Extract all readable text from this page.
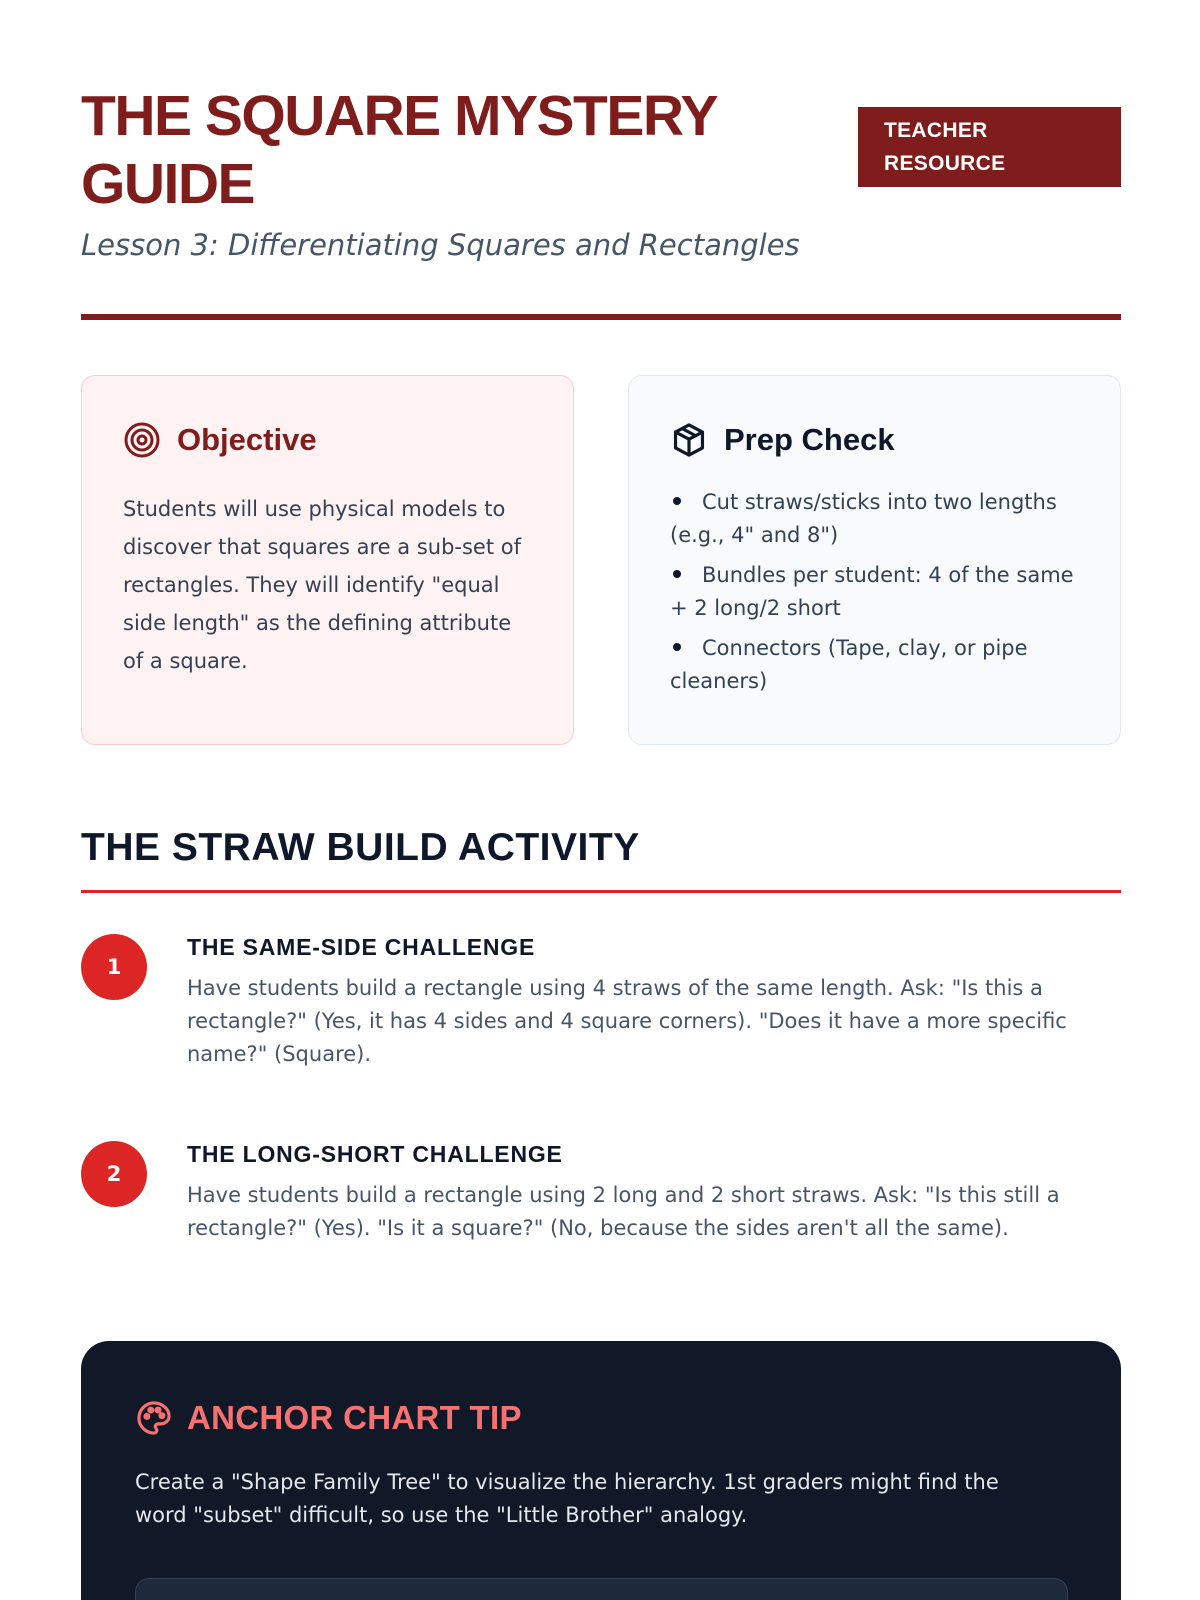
THE SQUARE MYSTERY GUIDE
TEACHER RESOURCE
Lesson 3: Differentiating Squares and Rectangles
Objective

Students will use physical models to discover that squares are a sub-set of rectangles. They will identify "equal side length" as the defining attribute of a square.

Prep Check
Cut straws/sticks into two lengths (e.g., 4" and 8")
Bundles per student: 4 of the same + 2 long/2 short
Connectors (Tape, clay, or pipe cleaners)
THE STRAW BUILD ACTIVITY
1
THE SAME-SIDE CHALLENGE

Have students build a rectangle using 4 straws of the same length. Ask: "Is this a rectangle?" (Yes, it has 4 sides and 4 square corners). "Does it have a more specific name?" (Square).

2
THE LONG-SHORT CHALLENGE

Have students build a rectangle using 2 long and 2 short straws. Ask: "Is this still a rectangle?" (Yes). "Is it a square?" (No, because the sides aren't all the same).

ANCHOR CHART TIP

Create a "Shape Family Tree" to visualize the hierarchy. 1st graders might find the word "subset" difficult, so use the "Little Brother" analogy.
